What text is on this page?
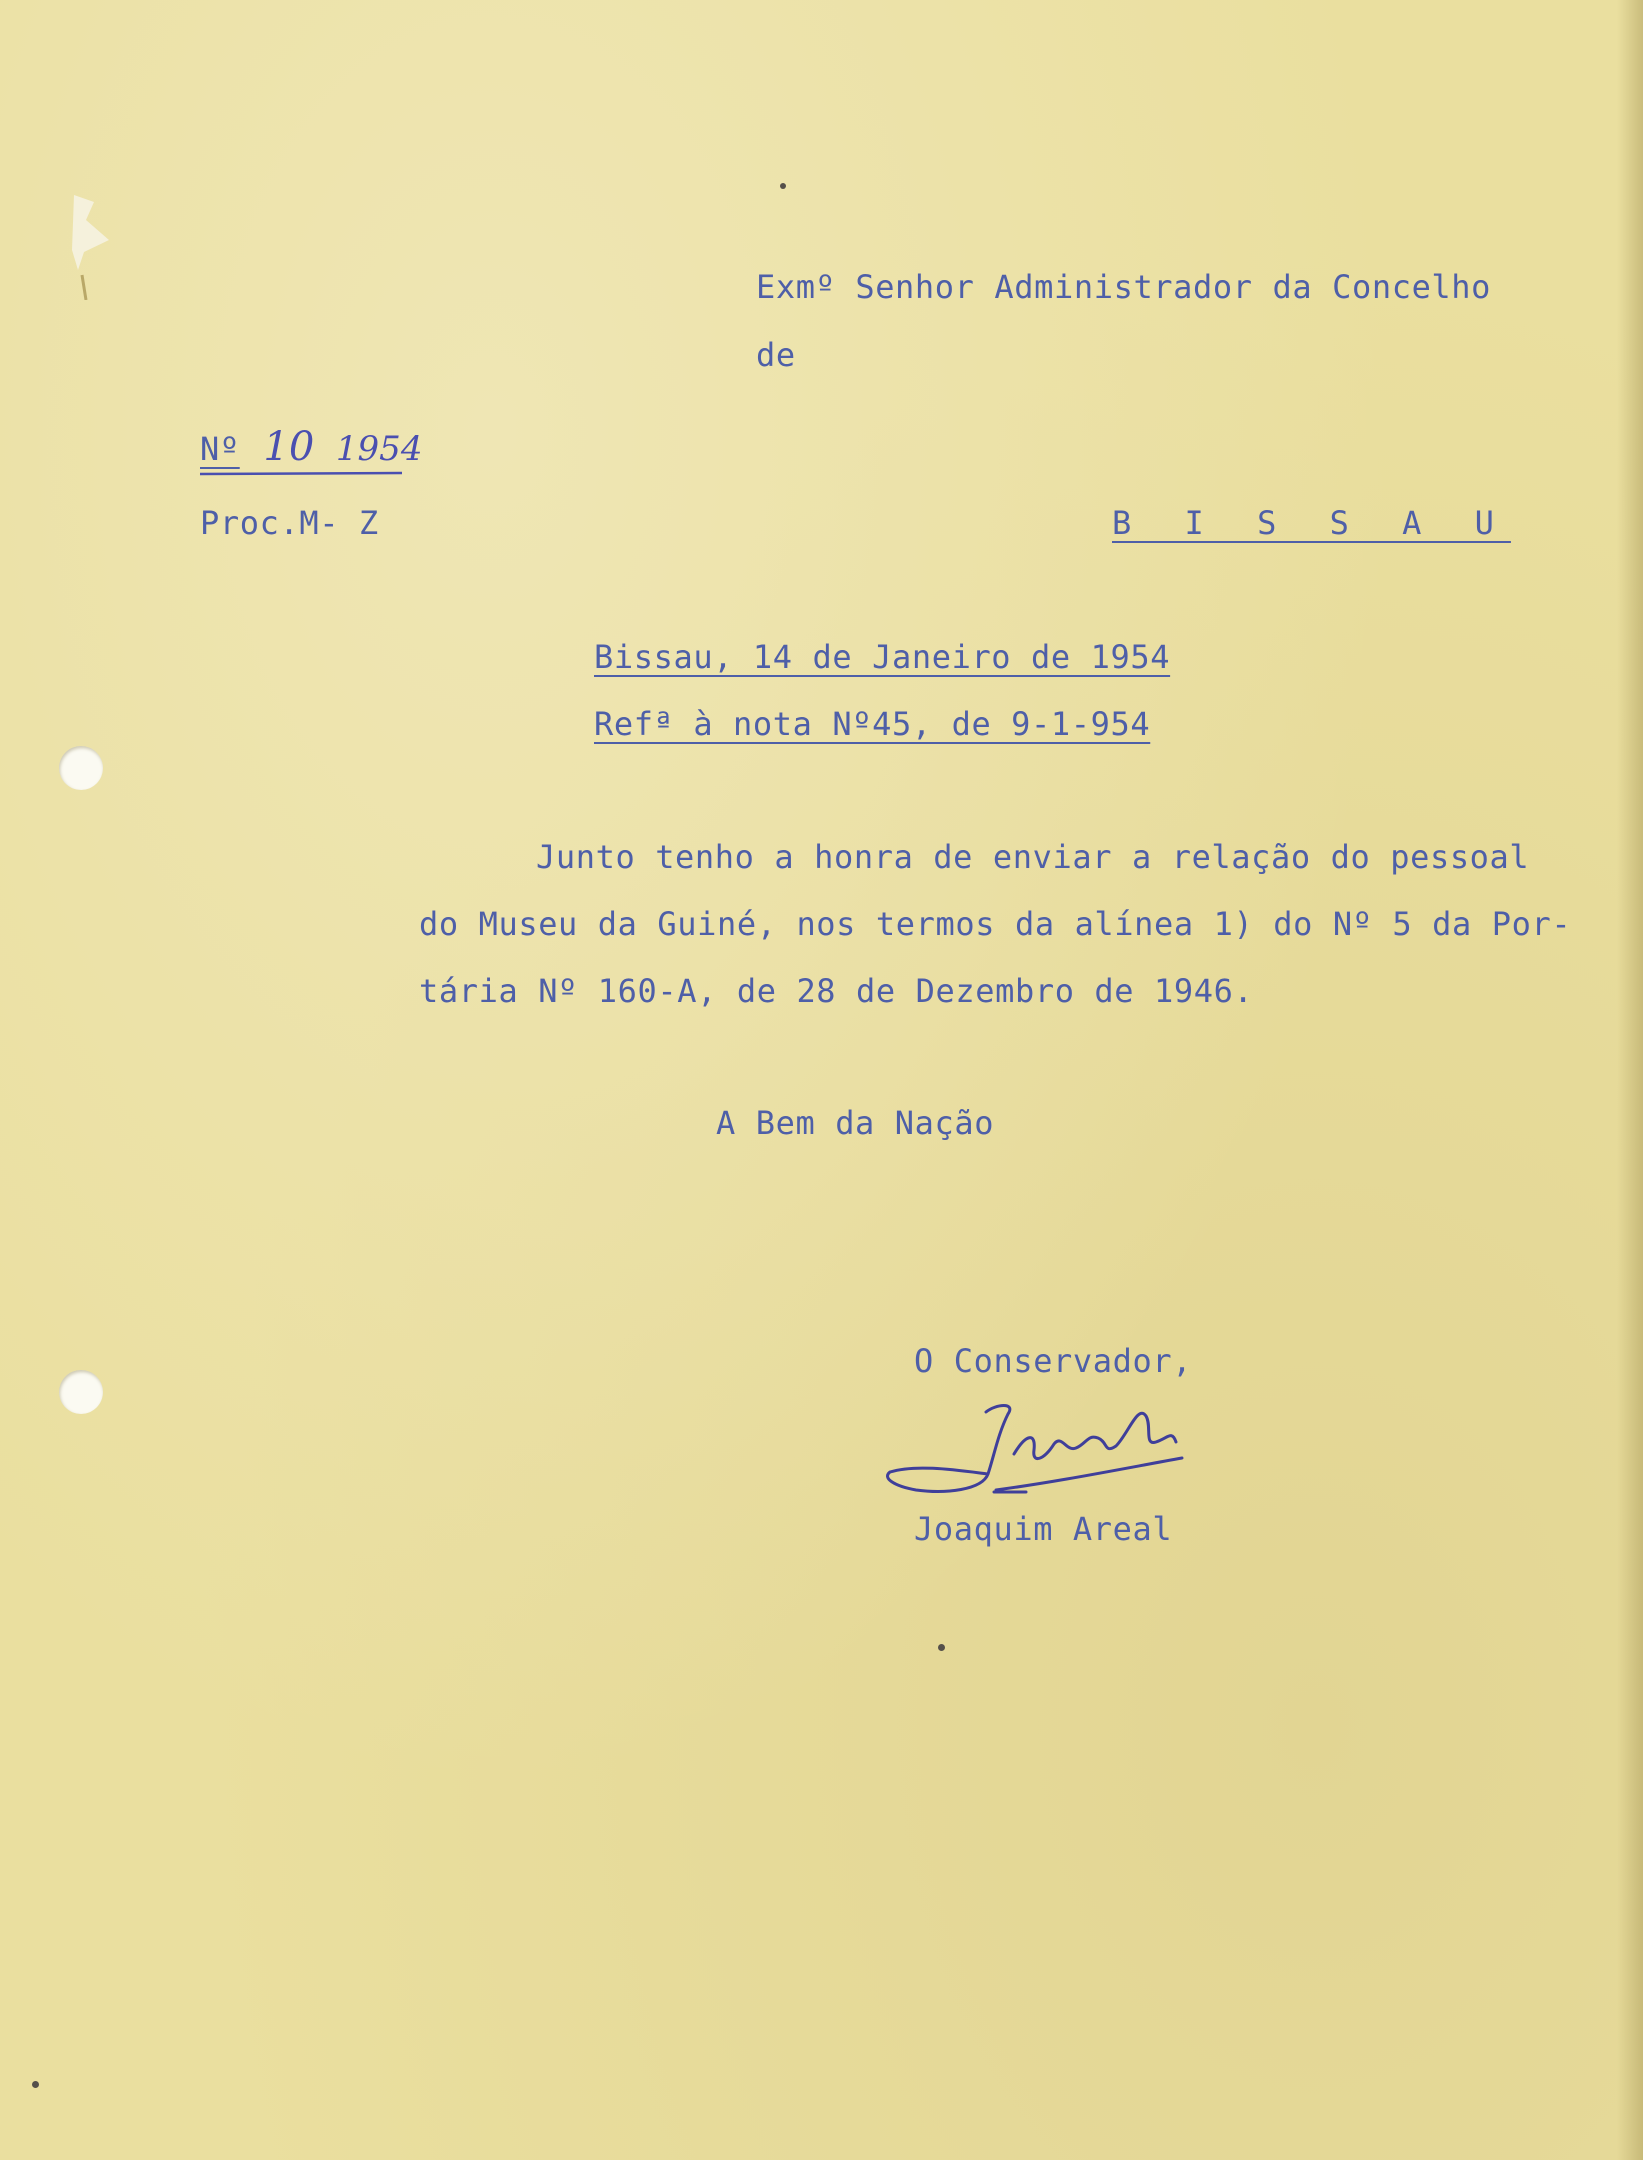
Exmº Senhor Administrador da Concelho

de

B I S S A U

Nº 10 1954

Proc.M- Z

Bissau, 14 de Janeiro de 1954

Refª à nota Nº45, de 9-1-954

Junto tenho a honra de enviar a relação do pessoal

do Museu da Guiné, nos termos da alínea 1) do Nº 5 da Por-

tária Nº 160-A, de 28 de Dezembro de 1946.

A Bem da Nação

O Conservador,

Joaquim Areal
